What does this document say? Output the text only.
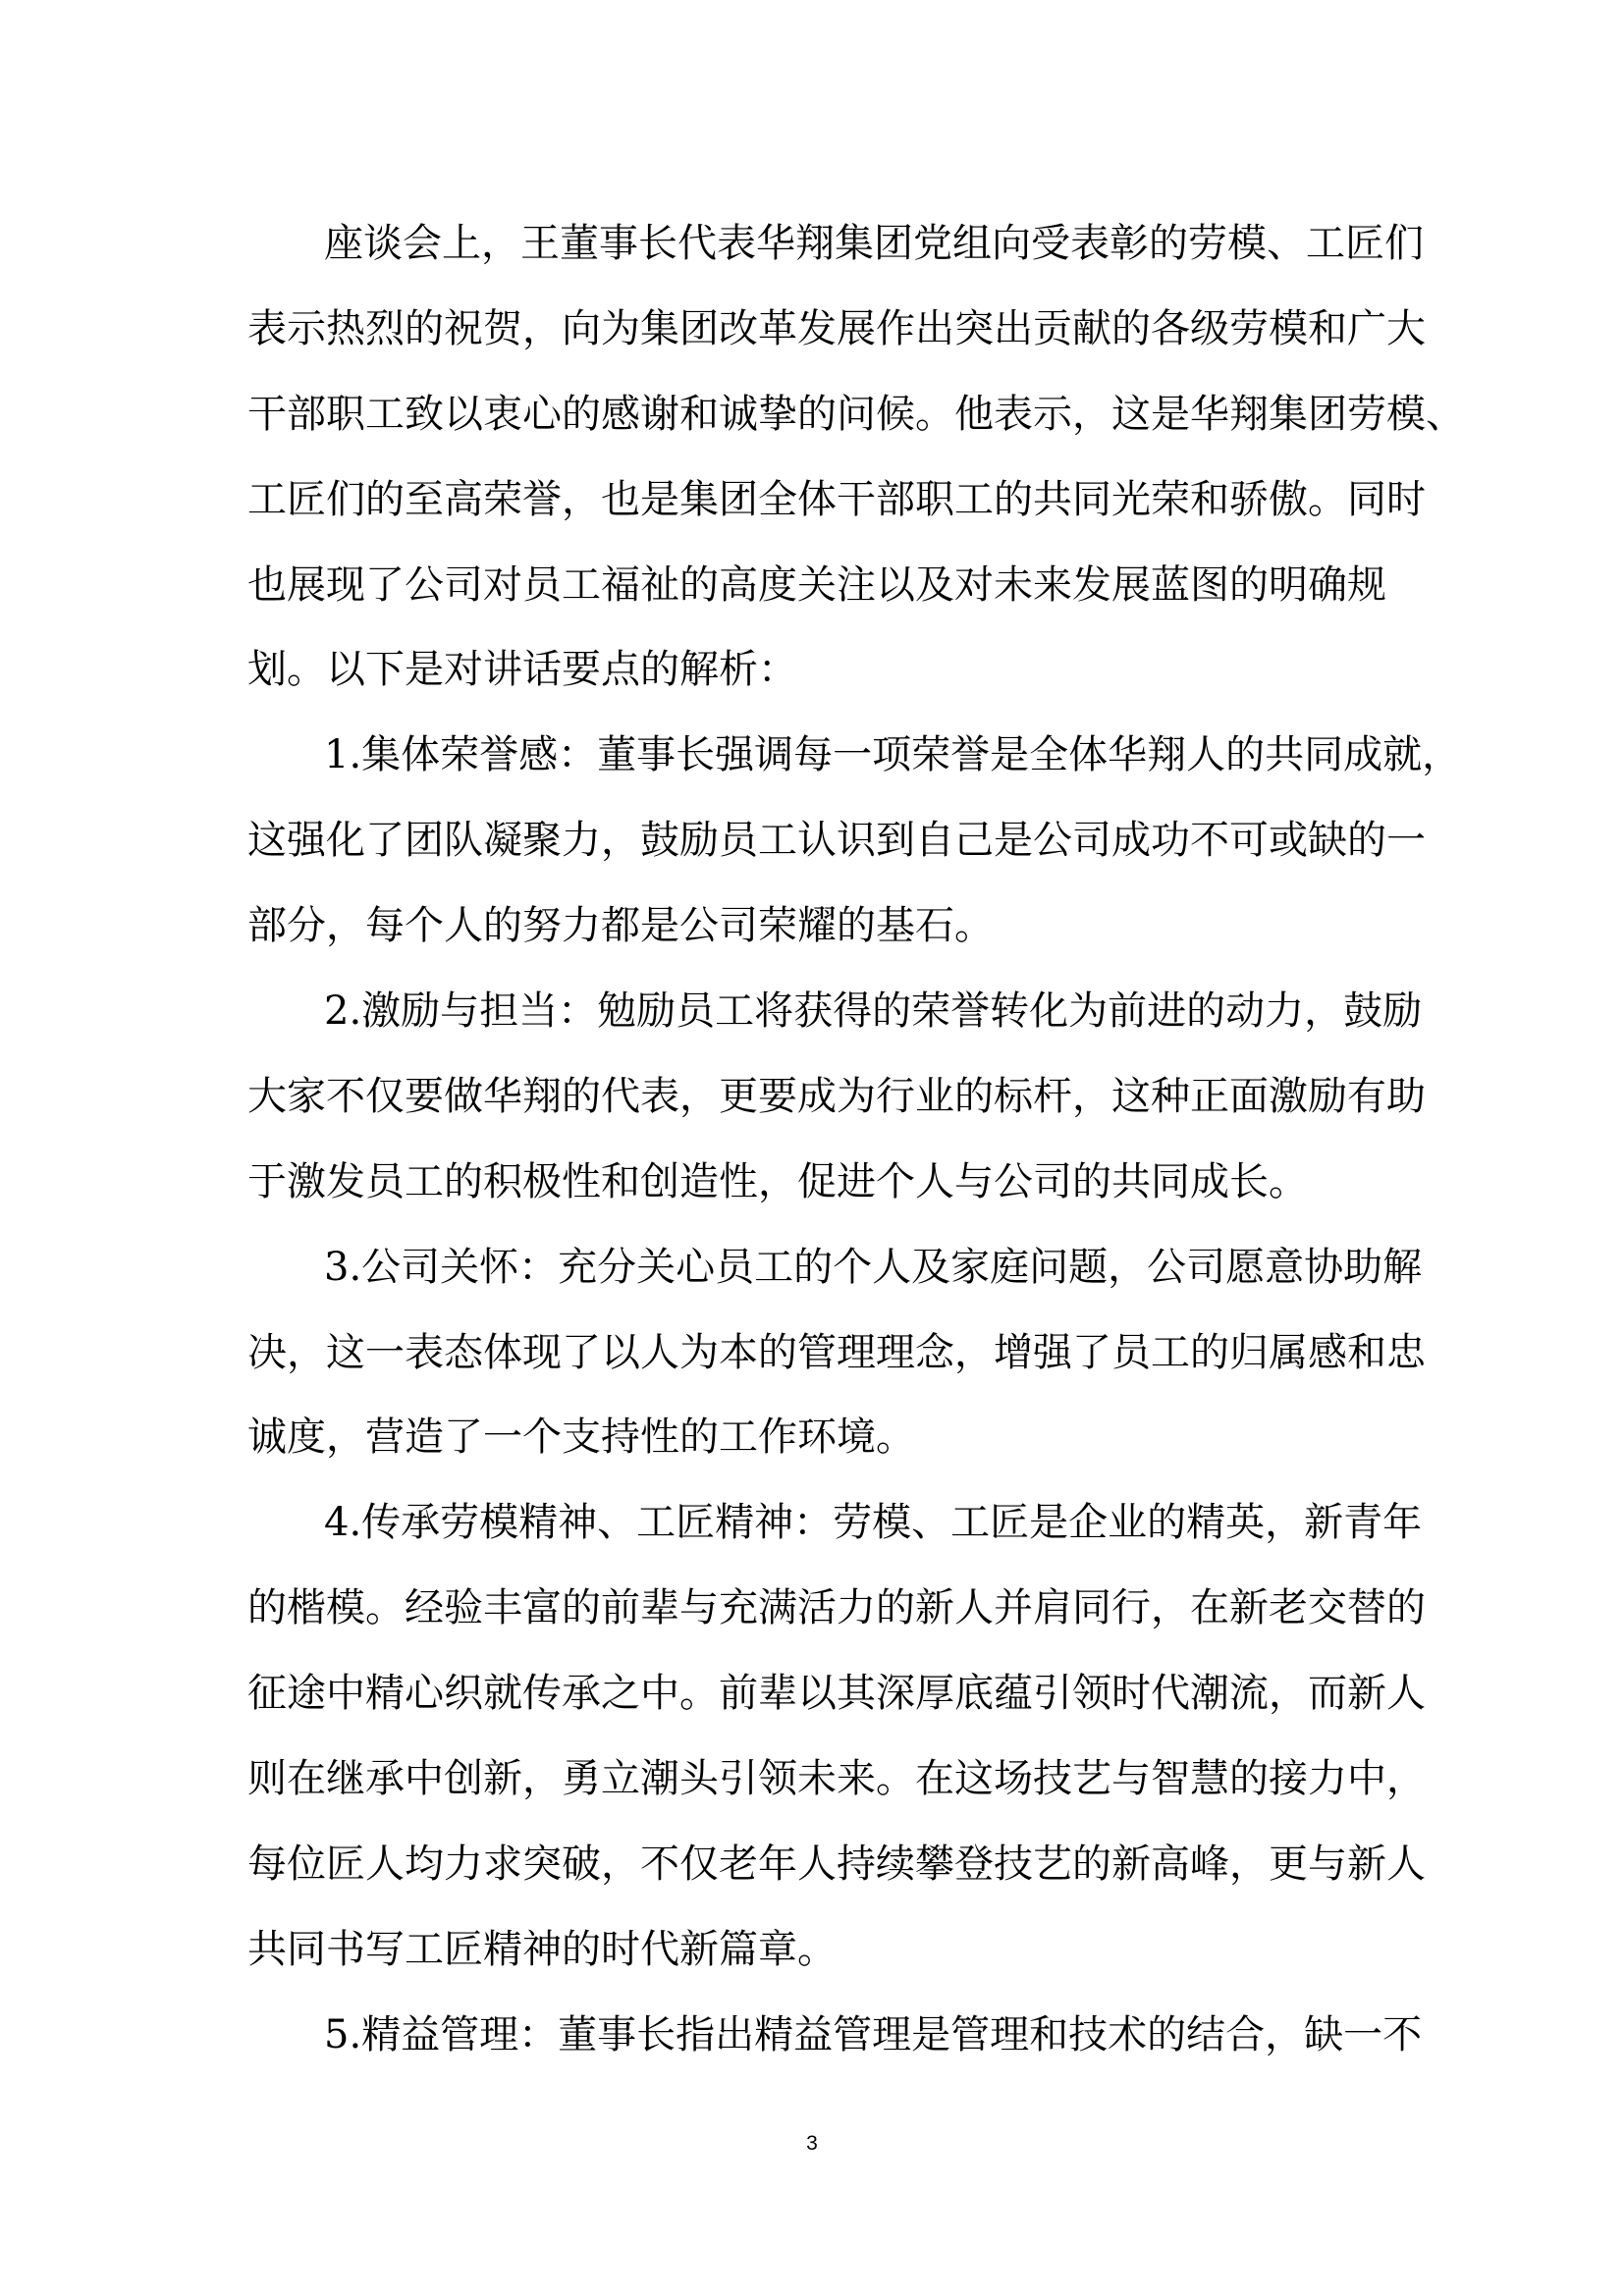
座谈会上，王董事长代表华翔集团党组向受表彰的劳模、工匠们
表示热烈的祝贺，向为集团改革发展作出突出贡献的各级劳模和广大
干部职工致以衷心的感谢和诚挚的问候。他表示，这是华翔集团劳模、
工匠们的至高荣誉，也是集团全体干部职工的共同光荣和骄傲。同时
也展现了公司对员工福祉的高度关注以及对未来发展蓝图的明确规
划。以下是对讲话要点的解析：
1.集体荣誉感：董事长强调每一项荣誉是全体华翔人的共同成就，
这强化了团队凝聚力，鼓励员工认识到自己是公司成功不可或缺的一
部分，每个人的努力都是公司荣耀的基石。
2.激励与担当：勉励员工将获得的荣誉转化为前进的动力，鼓励
大家不仅要做华翔的代表，更要成为行业的标杆，这种正面激励有助
于激发员工的积极性和创造性，促进个人与公司的共同成长。
3.公司关怀：充分关心员工的个人及家庭问题，公司愿意协助解
决，这一表态体现了以人为本的管理理念，增强了员工的归属感和忠
诚度，营造了一个支持性的工作环境。
4.传承劳模精神、工匠精神：劳模、工匠是企业的精英，新青年
的楷模。经验丰富的前辈与充满活力的新人并肩同行，在新老交替的
征途中精心织就传承之中。前辈以其深厚底蕴引领时代潮流，而新人
则在继承中创新，勇立潮头引领未来。在这场技艺与智慧的接力中，
每位匠人均力求突破，不仅老年人持续攀登技艺的新高峰，更与新人
共同书写工匠精神的时代新篇章。
5.精益管理：董事长指出精益管理是管理和技术的结合，缺一不
3
